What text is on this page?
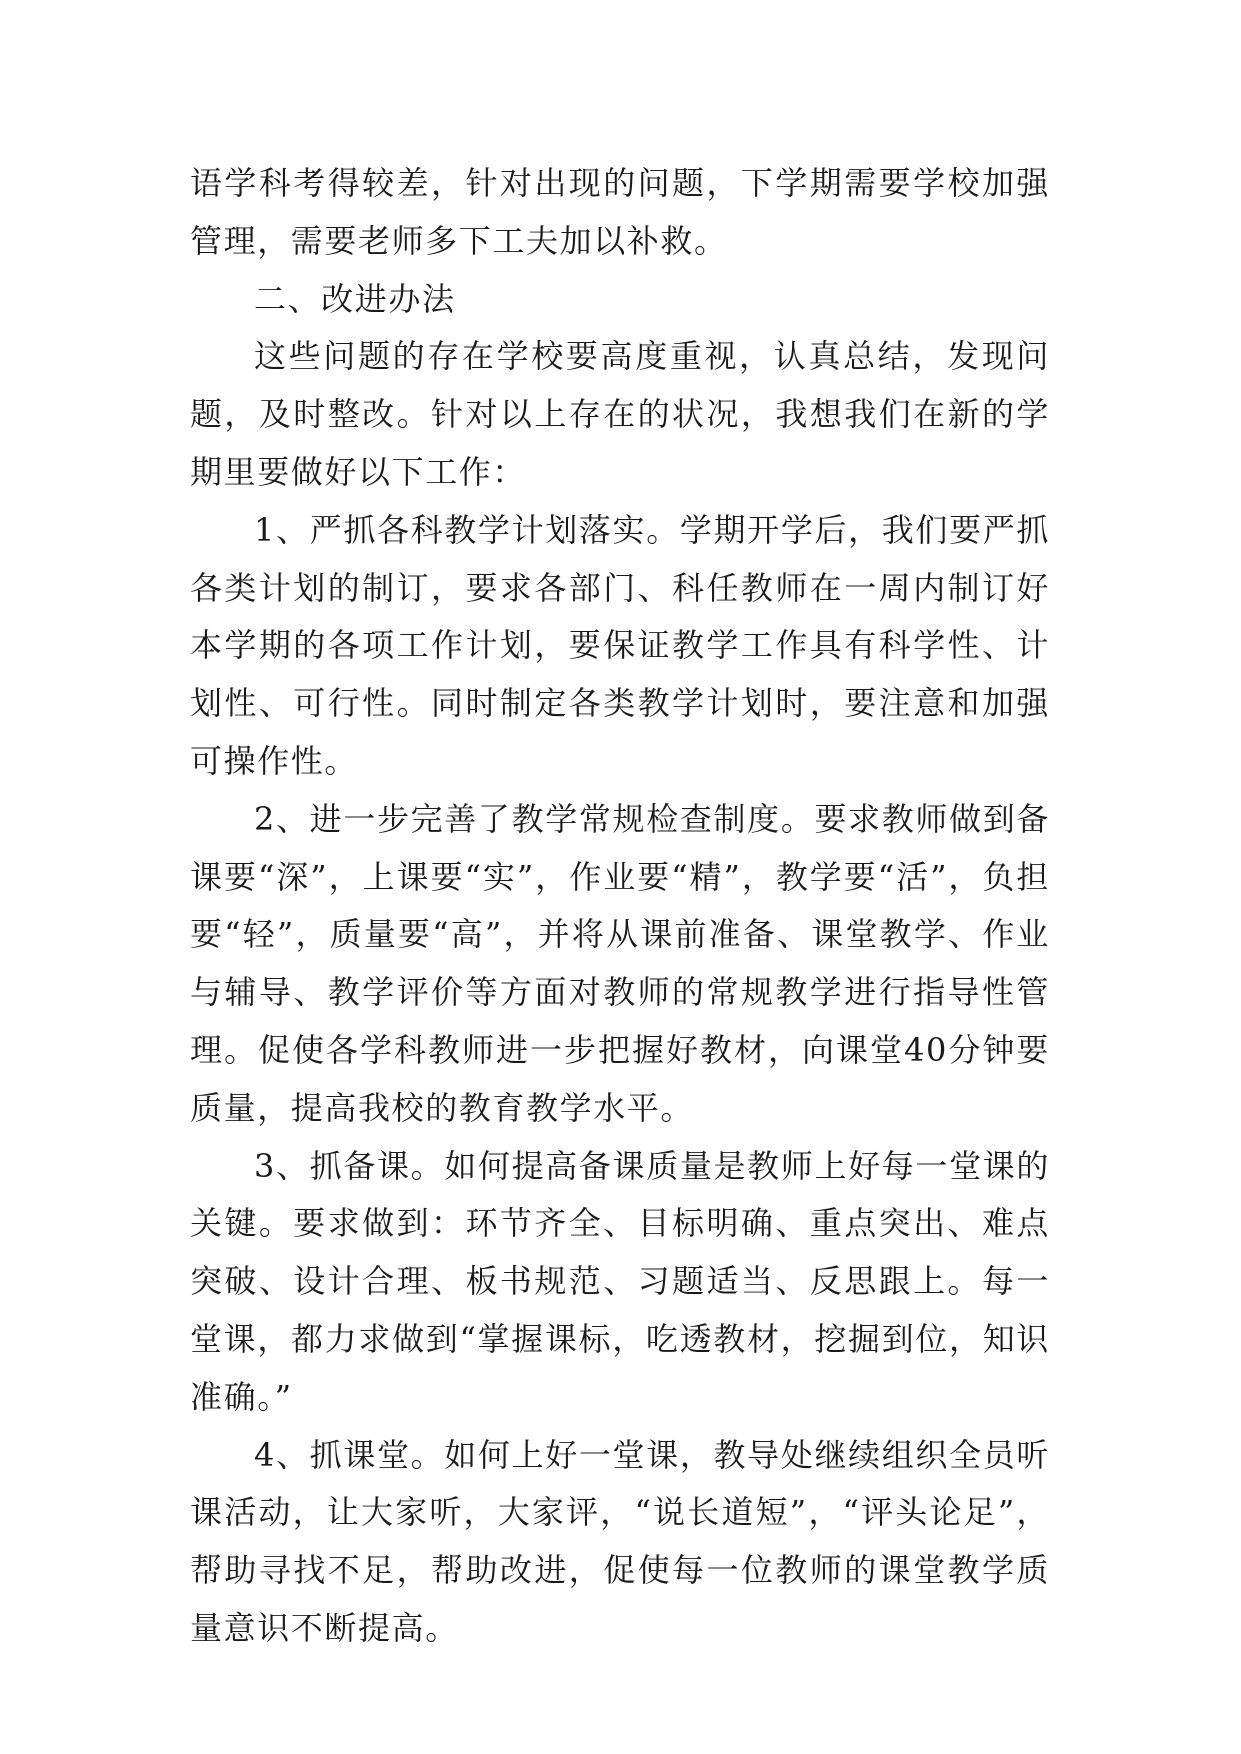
语学科考得较差，针对出现的问题，下学期需要学校加强管理，需要老师多下工夫加以补救。

二、改进办法

这些问题的存在学校要高度重视，认真总结，发现问题，及时整改。针对以上存在的状况，我想我们在新的学期里要做好以下工作：

1、严抓各科教学计划落实。学期开学后，我们要严抓各类计划的制订，要求各部门、科任教师在一周内制订好本学期的各项工作计划，要保证教学工作具有科学性、计划性、可行性。同时制定各类教学计划时，要注意和加强可操作性。

2、进一步完善了教学常规检查制度。要求教师做到备课要“深”，上课要“实”，作业要“精”，教学要“活”，负担要“轻”，质量要“高”，并将从课前准备、课堂教学、作业与辅导、教学评价等方面对教师的常规教学进行指导性管理。促使各学科教师进一步把握好教材，向课堂40分钟要质量，提高我校的教育教学水平。

3、抓备课。如何提高备课质量是教师上好每一堂课的关键。要求做到：环节齐全、目标明确、重点突出、难点突破、设计合理、板书规范、习题适当、反思跟上。每一堂课，都力求做到“掌握课标，吃透教材，挖掘到位，知识准确。”

4、抓课堂。如何上好一堂课，教导处继续组织全员听课活动，让大家听，大家评，“说长道短”，“评头论足”，帮助寻找不足，帮助改进，促使每一位教师的课堂教学质量意识不断提高。
